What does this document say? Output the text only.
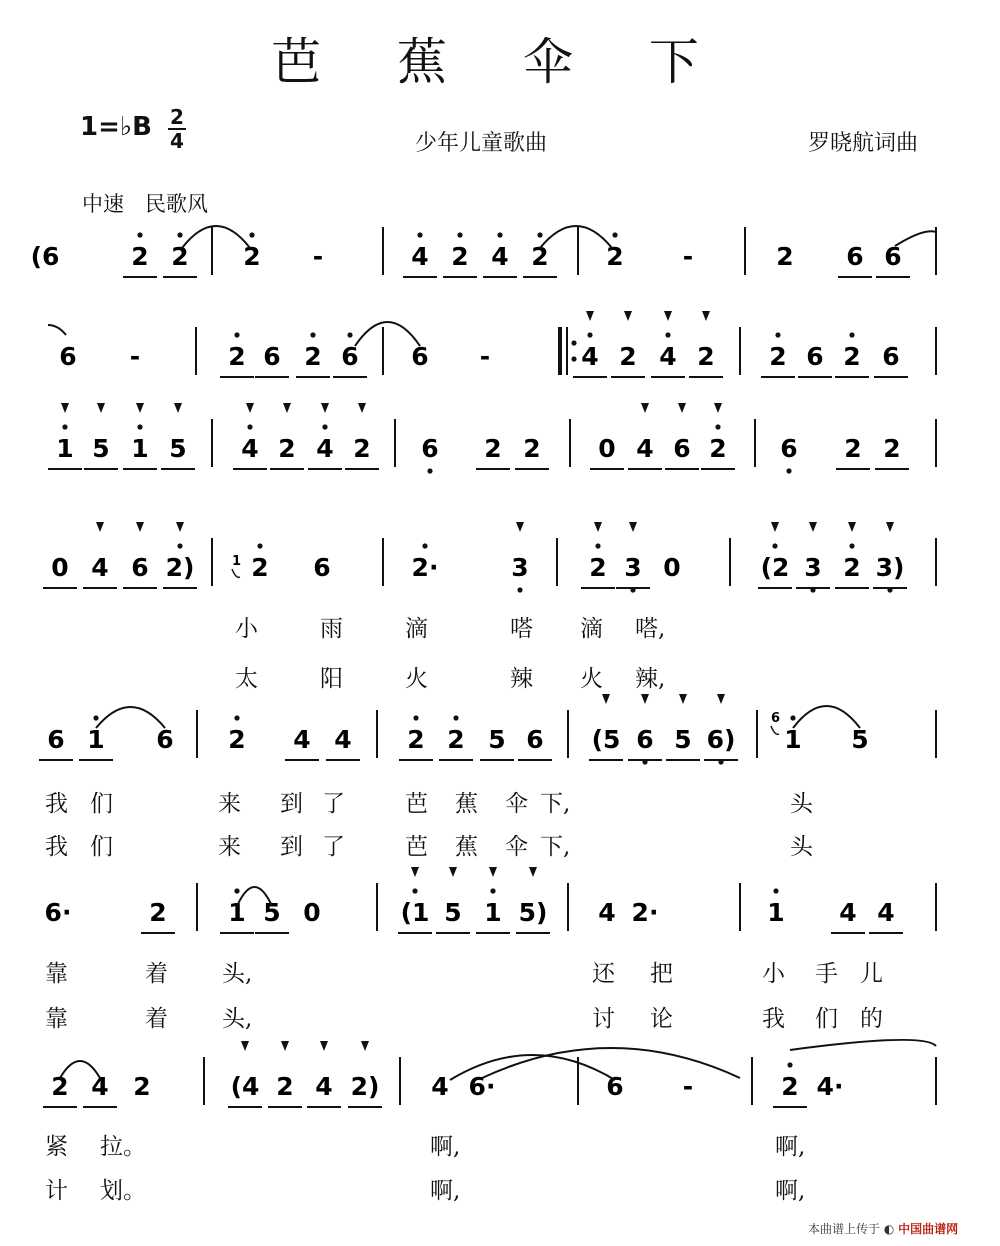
芭 蕉 伞 下
1=♭B 2
4	少年儿童歌曲	罗晓航词曲
中速　民歌风
(6	2 2 2 -	4 2 4 2 2 -	2 6 6
6 -	2 6 2 6 6 -	4 2 4 2 2 6 2 6
1 5 1 5 4 2 4 2 6 2 2 0 4 6 2 6 2 2
0 4 6 2) 2 6	2·	3 2 3 0	(2 3 2 3)
1
6 1 6 2 4 4 2 2 5 6 (5 6 5 6) 1 5
6
6·	2 1 5 0	(1 5 1 5) 4 2·	1 4 4
2 4 2	(4 2 4 2) 4 6·	6 -	2 4·
小	雨	滴	嗒 滴 嗒,
太	阳	火	辣 火 辣,
我 们	来 到 了	芭 蕉 伞 下,	头
我 们	来 到 了	芭 蕉 伞 下,	头
靠	着 头,	还 把	小 手 儿
靠	着 头,	讨 论	我 们 的
紧 拉。	啊,	啊,
计 划。	啊,	啊,
本曲谱上传于 ◐ 中国曲谱网
